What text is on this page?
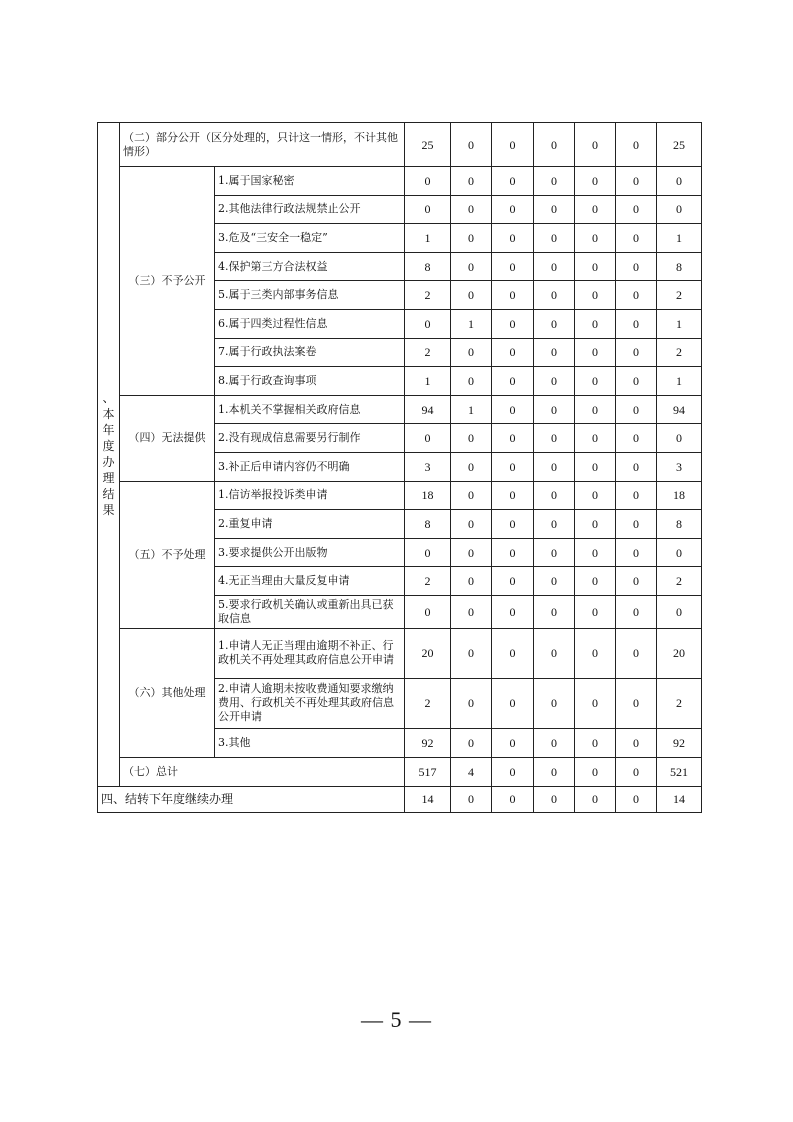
、本年度办理结果	（二）部分公开（区分处理的，只计这一情形，不计其他情形）		25	0	0	0	0	0	25
	（三）不予公开	1.属于国家秘密	0	0	0	0	0	0	0
		2.其他法律行政法规禁止公开	0	0	0	0	0	0	0
		3.危及“三安全一稳定”	1	0	0	0	0	0	1
		4.保护第三方合法权益	8	0	0	0	0	0	8
		5.属于三类内部事务信息	2	0	0	0	0	0	2
		6.属于四类过程性信息	0	1	0	0	0	0	1
		7.属于行政执法案卷	2	0	0	0	0	0	2
		8.属于行政查询事项	1	0	0	0	0	0	1
	（四）无法提供	1.本机关不掌握相关政府信息	94	1	0	0	0	0	94
		2.没有现成信息需要另行制作	0	0	0	0	0	0	0
		3.补正后申请内容仍不明确	3	0	0	0	0	0	3
	（五）不予处理	1.信访举报投诉类申请	18	0	0	0	0	0	18
		2.重复申请	8	0	0	0	0	0	8
		3.要求提供公开出版物	0	0	0	0	0	0	0
		4.无正当理由大量反复申请	2	0	0	0	0	0	2
		5.要求行政机关确认或重新出具已获取信息	0	0	0	0	0	0	0
	（六）其他处理	1.申请人无正当理由逾期不补正、行政机关不再处理其政府信息公开申请	20	0	0	0	0	0	20
		2.申请人逾期未按收费通知要求缴纳费用、行政机关不再处理其政府信息公开申请	2	0	0	0	0	0	2
		3.其他	92	0	0	0	0	0	92
	（七）总计		517	4	0	0	0	0	521
四、结转下年度继续办理			14	0	0	0	0	0	14
— 5 —
